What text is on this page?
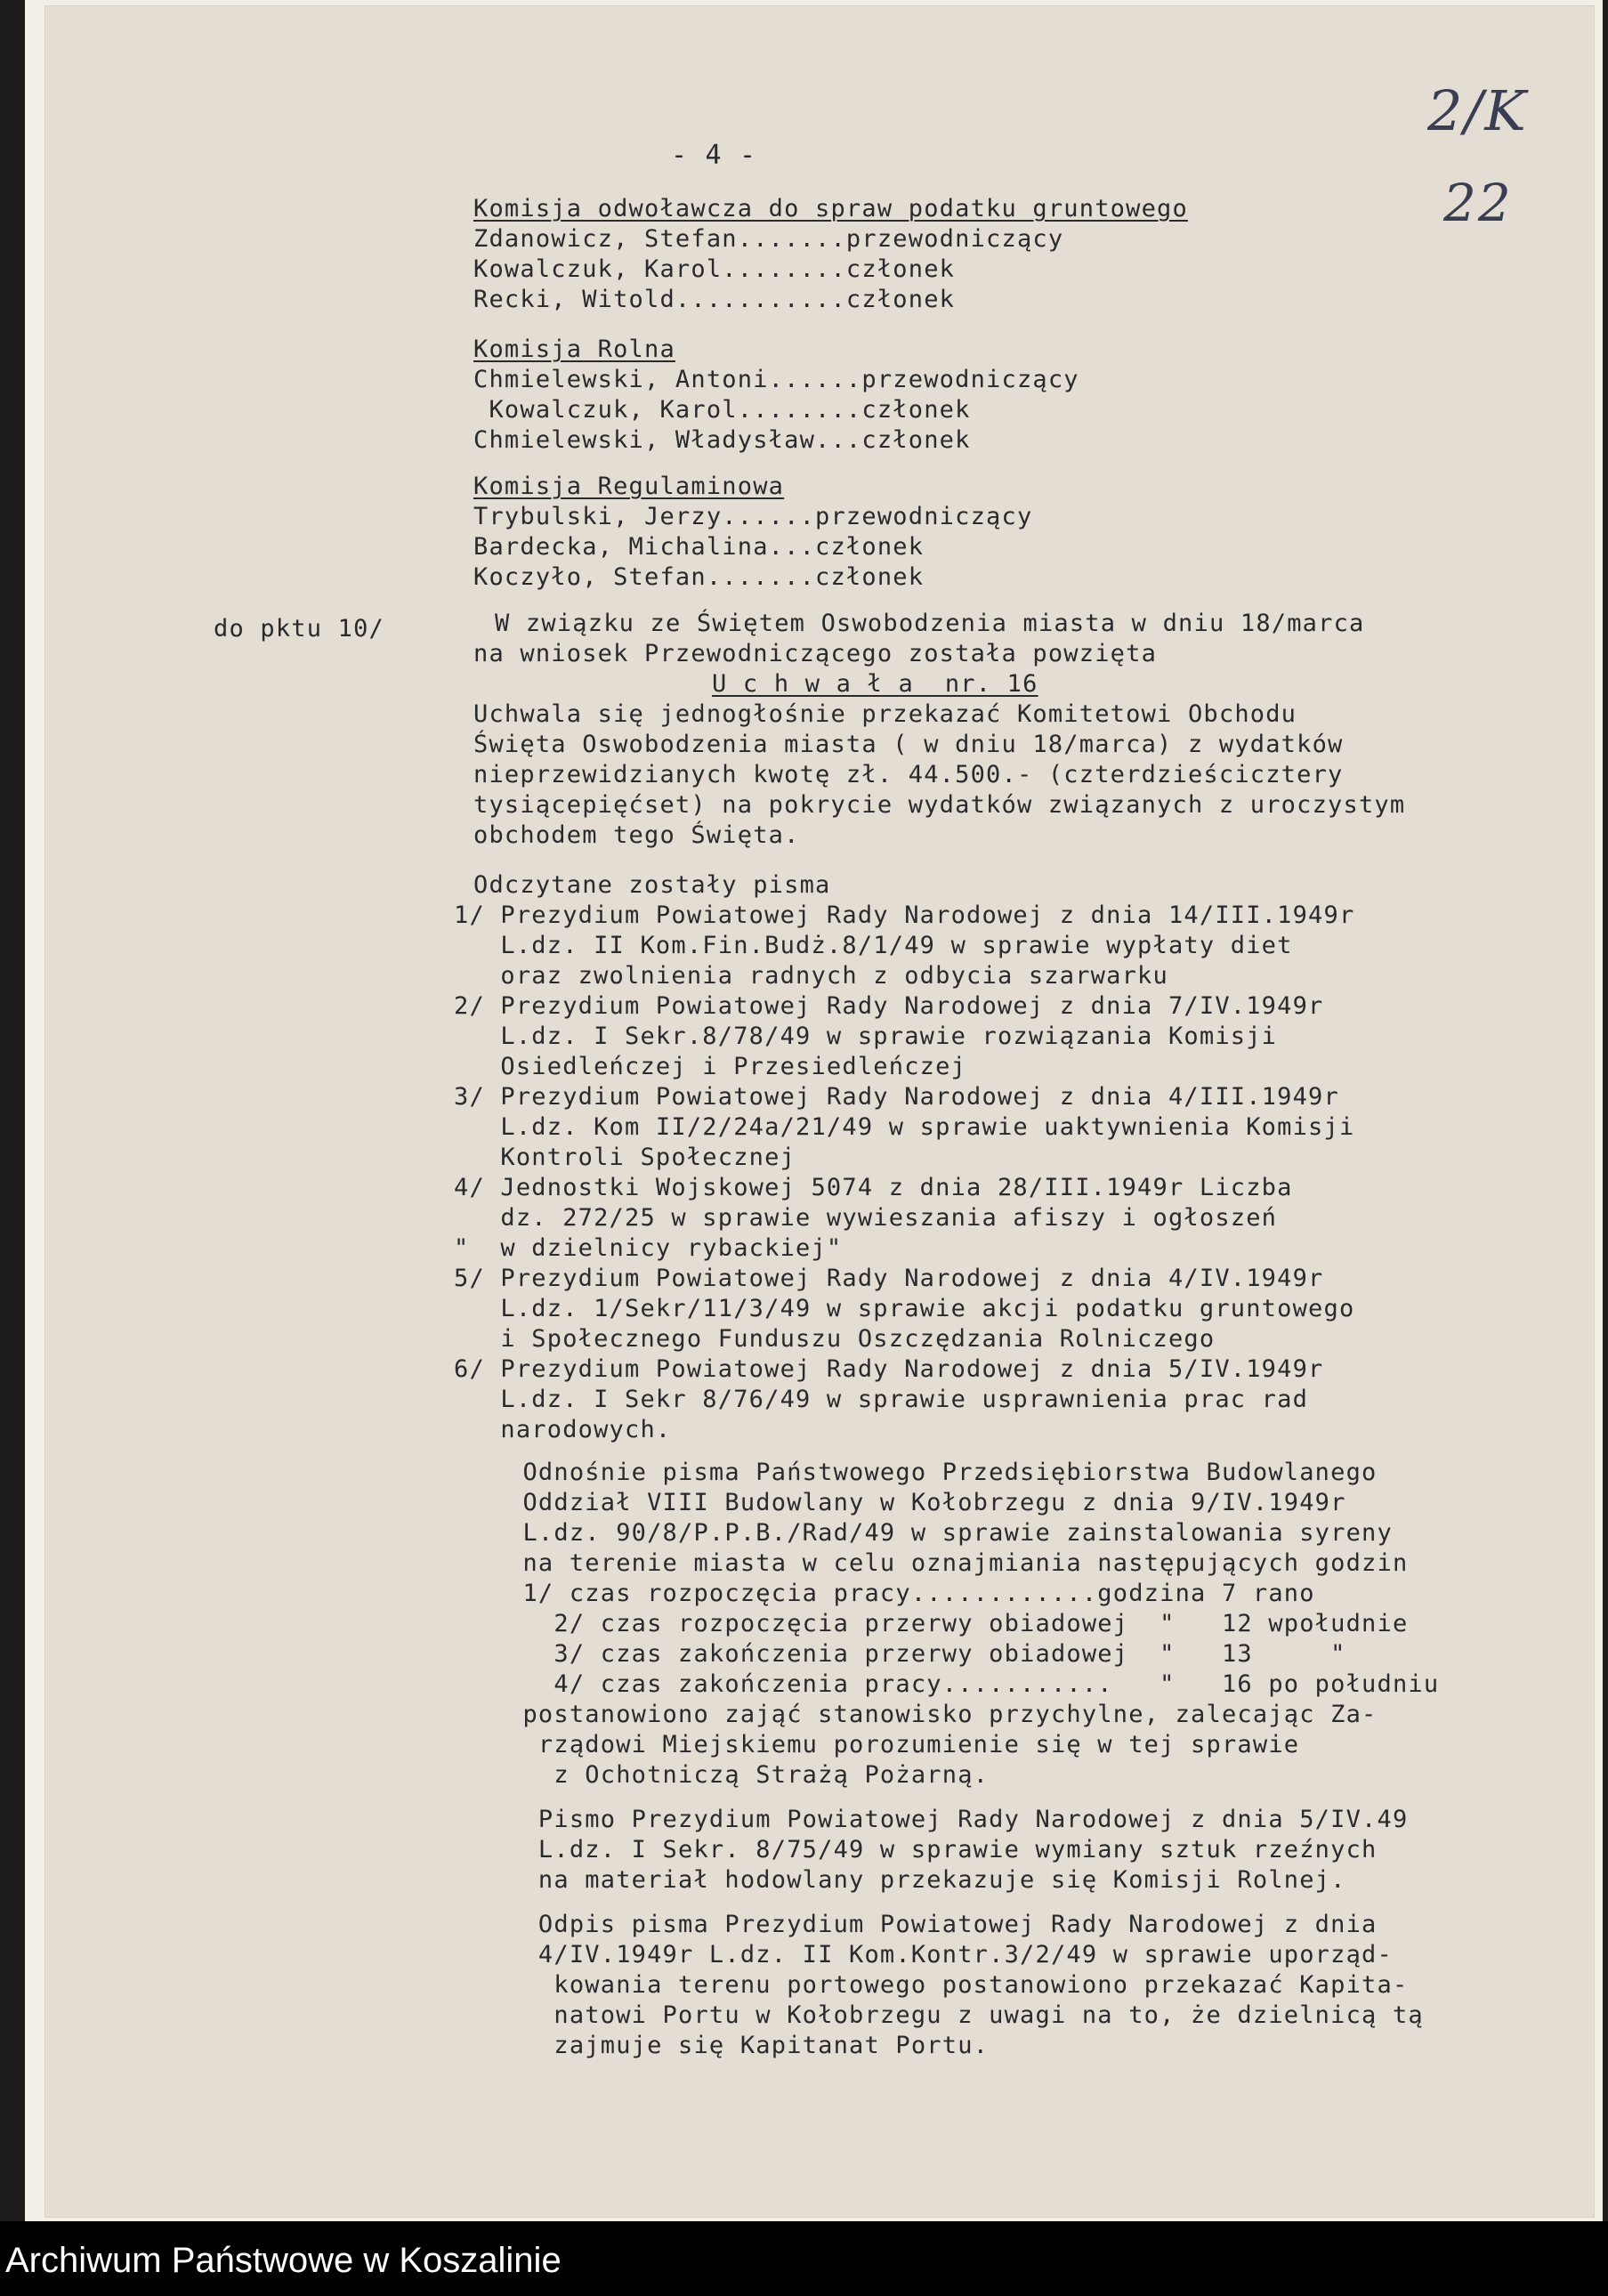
- 4 -
2/K
22
Komisja odwoławcza do spraw podatku gruntowego
Zdanowicz, Stefan.......przewodniczący
Kowalczuk, Karol........członek
Recki, Witold...........członek
Komisja Rolna
Chmielewski, Antoni......przewodniczący
Kowalczuk, Karol........członek
Chmielewski, Władysław...członek
Komisja Regulaminowa
Trybulski, Jerzy......przewodniczący
Bardecka, Michalina...członek
Koczyło, Stefan.......członek
do pktu 10/	W związku ze Świętem Oswobodzenia miasta w dniu 18/marca
na wniosek Przewodniczącego została powzięta
U c h w a ł a  nr. 16
Uchwala się jednogłośnie przekazać Komitetowi Obchodu
Święta Oswobodzenia miasta ( w dniu 18/marca) z wydatków
nieprzewidzianych kwotę zł. 44.500.- (czterdzieścicztery
tysiącepięćset) na pokrycie wydatków związanych z uroczystym
obchodem tego Święta.
Odczytane zostały pisma
1/ Prezydium Powiatowej Rady Narodowej z dnia 14/III.1949r
L.dz. II Kom.Fin.Budż.8/1/49 w sprawie wypłaty diet
oraz zwolnienia radnych z odbycia szarwarku
2/ Prezydium Powiatowej Rady Narodowej z dnia 7/IV.1949r
L.dz. I Sekr.8/78/49 w sprawie rozwiązania Komisji
Osiedleńczej i Przesiedleńczej
3/ Prezydium Powiatowej Rady Narodowej z dnia 4/III.1949r
L.dz. Kom II/2/24a/21/49 w sprawie uaktywnienia Komisji
Kontroli Społecznej
4/ Jednostki Wojskowej 5074 z dnia 28/III.1949r Liczba
dz. 272/25 w sprawie wywieszania afiszy i ogłoszeń
"  w dzielnicy rybackiej"
5/ Prezydium Powiatowej Rady Narodowej z dnia 4/IV.1949r
L.dz. 1/Sekr/11/3/49 w sprawie akcji podatku gruntowego
i Społecznego Funduszu Oszczędzania Rolniczego
6/ Prezydium Powiatowej Rady Narodowej z dnia 5/IV.1949r
L.dz. I Sekr 8/76/49 w sprawie usprawnienia prac rad
narodowych.
Odnośnie pisma Państwowego Przedsiębiorstwa Budowlanego
Oddział VIII Budowlany w Kołobrzegu z dnia 9/IV.1949r
L.dz. 90/8/P.P.B./Rad/49 w sprawie zainstalowania syreny
na terenie miasta w celu oznajmiania następujących godzin
1/ czas rozpoczęcia pracy............godzina 7 rano
2/ czas rozpoczęcia przerwy obiadowej  "   12 wpołudnie
3/ czas zakończenia przerwy obiadowej  "   13     "
4/ czas zakończenia pracy...........   "   16 po południu
postanowiono zająć stanowisko przychylne, zalecając Za-
rządowi Miejskiemu porozumienie się w tej sprawie
z Ochotniczą Strażą Pożarną.
Pismo Prezydium Powiatowej Rady Narodowej z dnia 5/IV.49
L.dz. I Sekr. 8/75/49 w sprawie wymiany sztuk rzeźnych
na materiał hodowlany przekazuje się Komisji Rolnej.
Odpis pisma Prezydium Powiatowej Rady Narodowej z dnia
4/IV.1949r L.dz. II Kom.Kontr.3/2/49 w sprawie uporząd-
kowania terenu portowego postanowiono przekazać Kapita-
natowi Portu w Kołobrzegu z uwagi na to, że dzielnicą tą
zajmuje się Kapitanat Portu.
Archiwum Państwowe w Koszalinie
